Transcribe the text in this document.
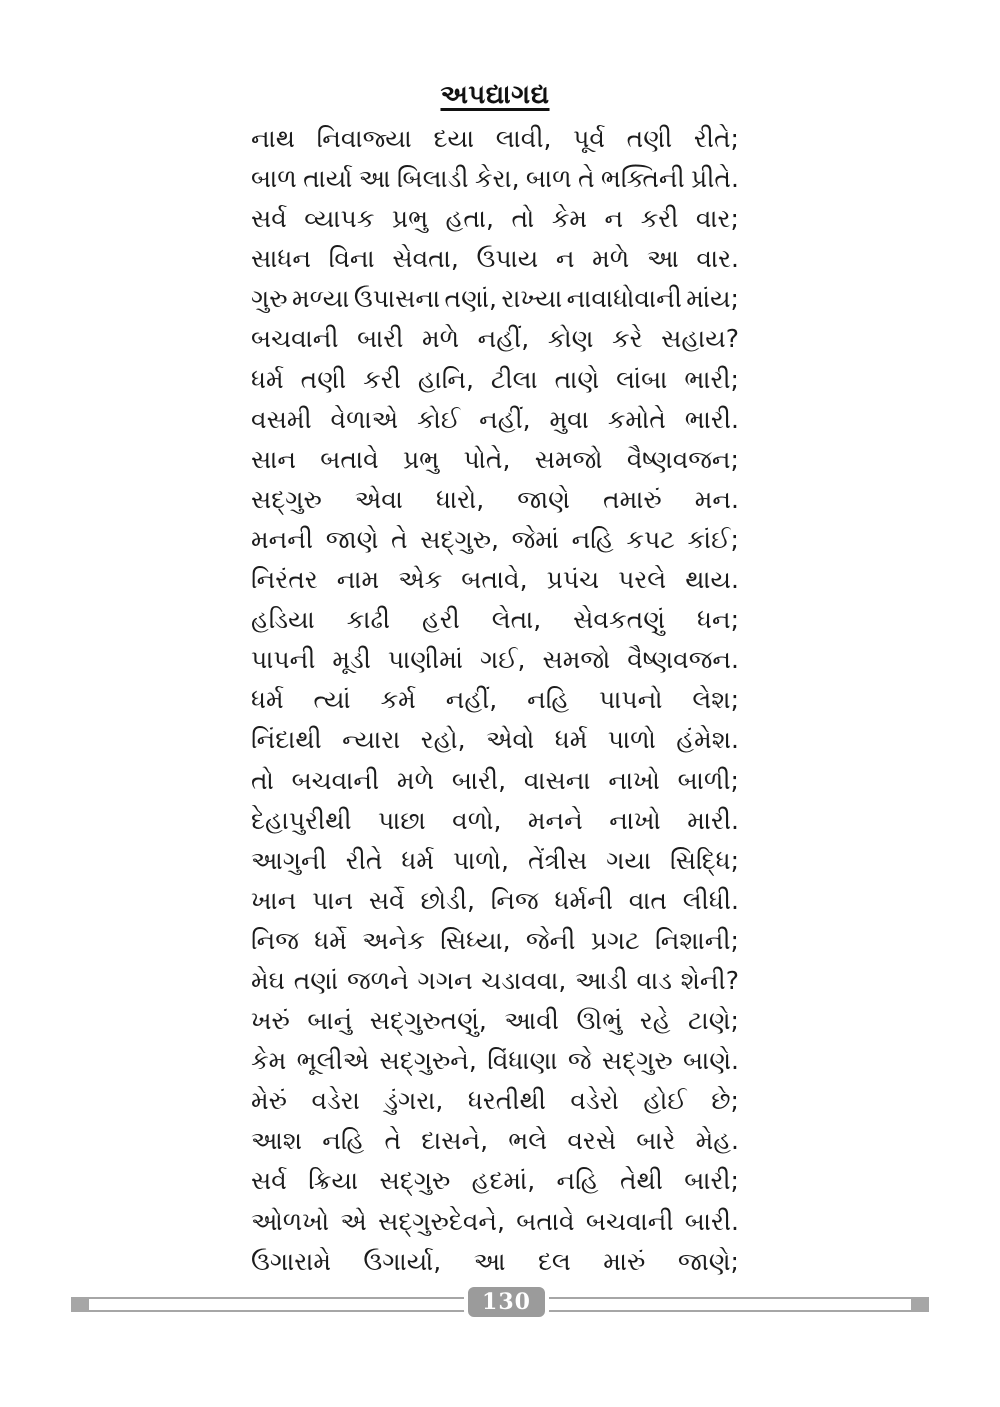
અપદ્યાગદ્ય
નાથ નિવાજ્યા દયા લાવી, પૂર્વ તણી રીતે;
બાળ તાર્યા આ બિલાડી કેરા, બાળ તે ભક્તિની પ્રીતે.
સર્વ વ્યાપક પ્રભુ હતા, તો કેમ ન કરી વાર;
સાધન વિના સેવતા, ઉપાય ન મળે આ વાર.
ગુરુ મળ્યા ઉપાસના તણાં, રાખ્યા નાવાધોવાની માંય;
બચવાની બારી મળે નહીં, કોણ કરે સહાય?
ધર્મ તણી કરી હાનિ, ટીલા તાણે લાંબા ભારી;
વસમી વેળાએ કોઈ નહીં, મુવા કમોતે ભારી.
સાન બતાવે પ્રભુ પોતે, સમજો વૈષ્ણવજન;
સદ્ગુરુ એવા ધારો, જાણે તમારું મન.
મનની જાણે તે સદ્ગુરુ, જેમાં નહિ કપટ કાંઈ;
નિરંતર નામ એક બતાવે, પ્રપંચ પરલે થાય.
હડિયા કાઢી હરી લેતા, સેવકતણું ધન;
પાપની મૂડી પાણીમાં ગઈ, સમજો વૈષ્ણવજન.
ધર્મ ત્યાં કર્મ નહીં, નહિ પાપનો લેશ;
નિંદાથી ન્યારા રહો, એવો ધર્મ પાળો હંમેશ.
તો બચવાની મળે બારી, વાસના નાખો બાળી;
દેહાપુરીથી પાછા વળો, મનને નાખો મારી.
આગુની રીતે ધર્મ પાળો, તેંત્રીસ ગયા સિદ્ધિ;
ખાન પાન સર્વે છોડી, નિજ ધર્મની વાત લીધી.
નિજ ધર્મે અનેક સિધ્યા, જેની પ્રગટ નિશાની;
મેઘ તણાં જળને ગગન ચડાવવા, આડી વાડ શેની?
ખરું બાનું સદ્ગુરુતણું, આવી ઊભું રહે ટાણે;
કેમ ભૂલીએ સદ્ગુરુને, વિંધાણા જે સદ્ગુરુ બાણે.
મેરું વડેરા ડુંગરા, ધરતીથી વડેરો હોઈ છે;
આશ નહિ તે દાસને, ભલે વરસે બારે મેહ.
સર્વ ક્રિયા સદ્ગુરુ હદમાં, નહિ તેથી બારી;
ઓળખો એ સદ્ગુરુદેવને, બતાવે બચવાની બારી.
ઉગારામે ઉગાર્યા, આ દલ મારું જાણે;
130
